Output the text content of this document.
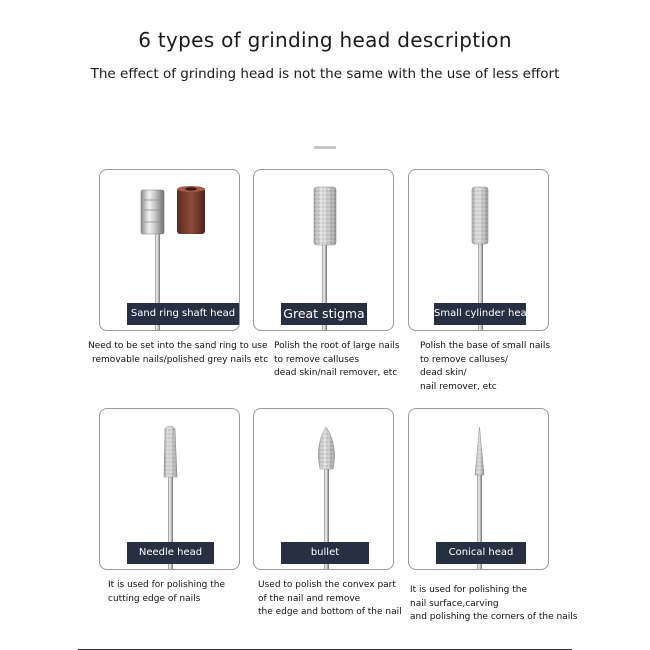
6 types of grinding head description
The effect of grinding head is not the same with the use of less effort
Sand ring shaft head
Need to be set into the sand ring to use
removable nails/polished grey nails etc
Great stigma
Polish the root of large nails
to remove calluses
dead skin/nail remover, etc
Small cylinder head
Polish the base of small nails
to remove calluses/
dead skin/
nail remover, etc
Needle head
It is used for polishing the
cutting edge of nails
bullet
Used to polish the convex part
of the nail and remove
the edge and bottom of the nail
Conical head
It is used for polishing the
nail surface,carving
and polishing the corners of the nails
